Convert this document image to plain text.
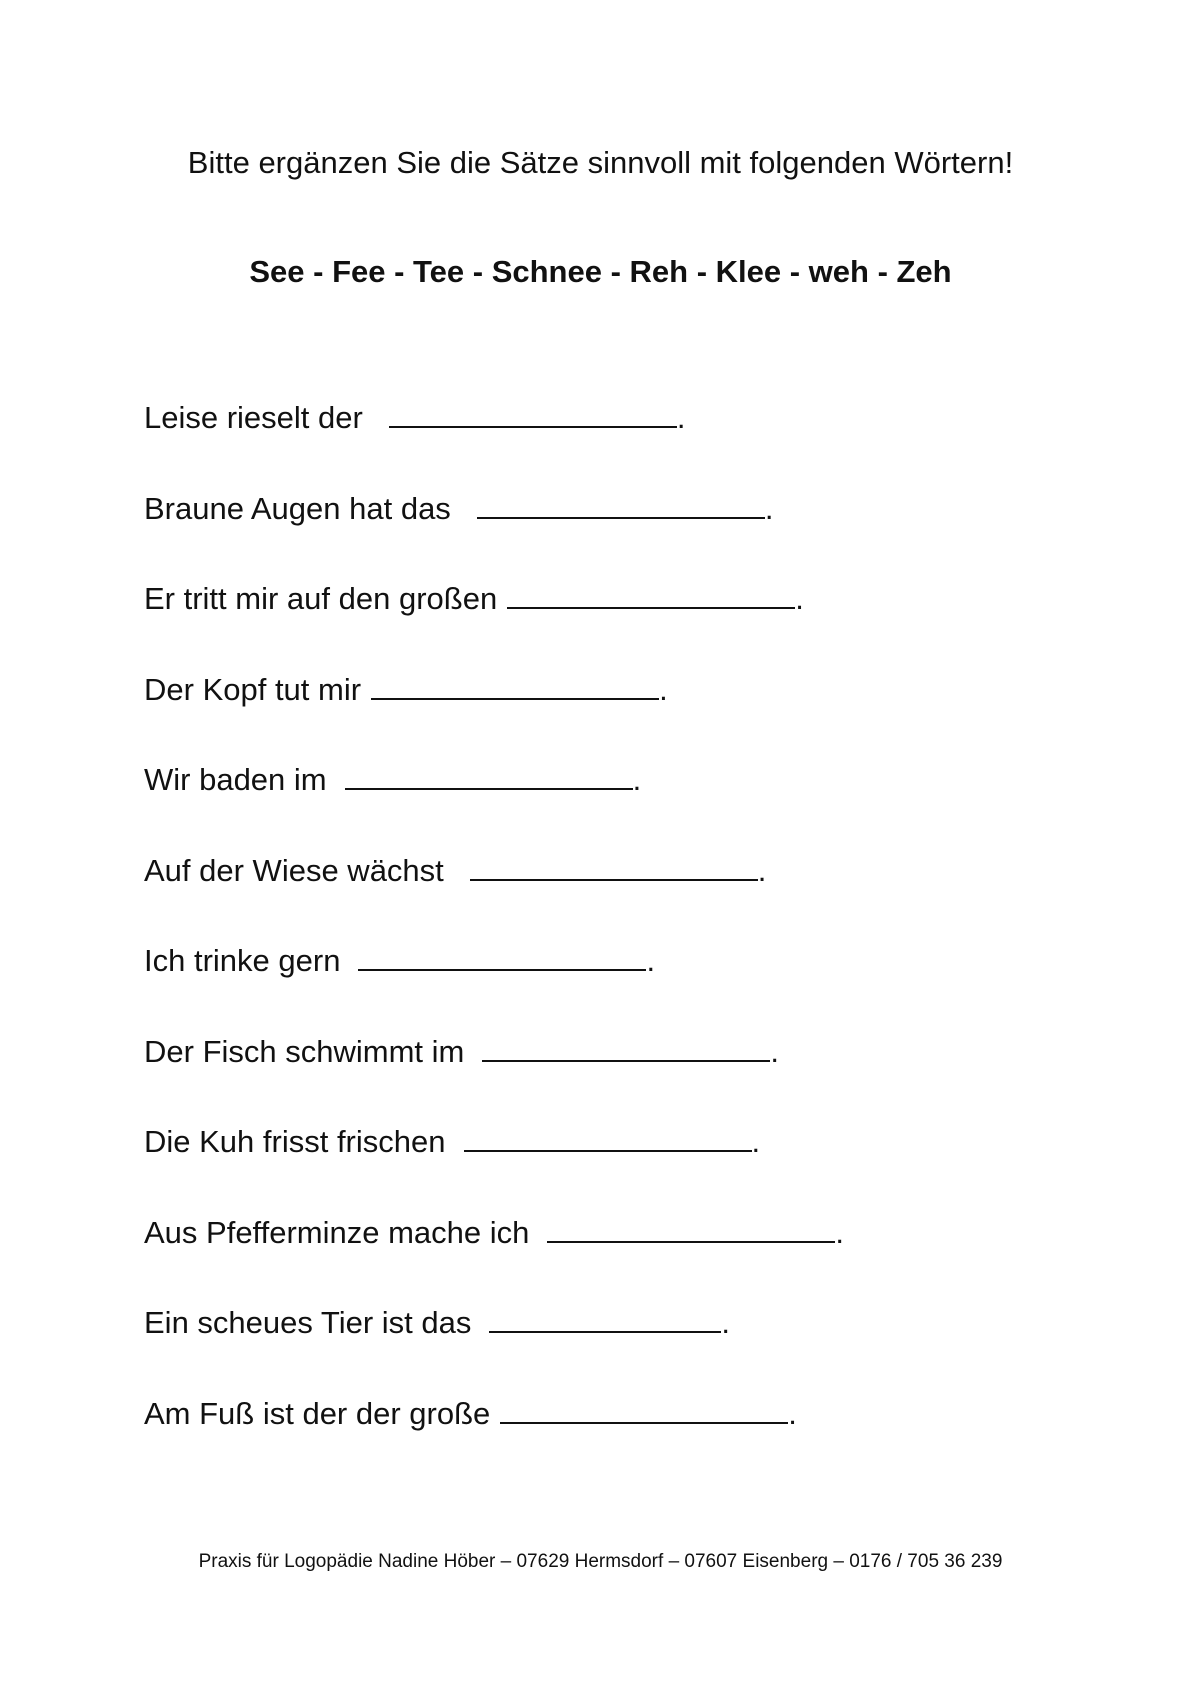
Bitte ergänzen Sie die Sätze sinnvoll mit folgenden Wörtern!
See - Fee - Tee - Schnee - Reh - Klee - weh - Zeh
Leise rieselt der	.
Braune Augen hat das	.
Er tritt mir auf den großen	.
Der Kopf tut mir	.
Wir baden im	.
Auf der Wiese wächst	.
Ich trinke gern	.
Der Fisch schwimmt im	.
Die Kuh frisst frischen	.
Aus Pfefferminze mache ich	.
Ein scheues Tier ist das	.
Am Fuß ist der der große	.
Praxis für Logopädie Nadine Höber – 07629 Hermsdorf – 07607 Eisenberg – 0176 / 705 36 239
